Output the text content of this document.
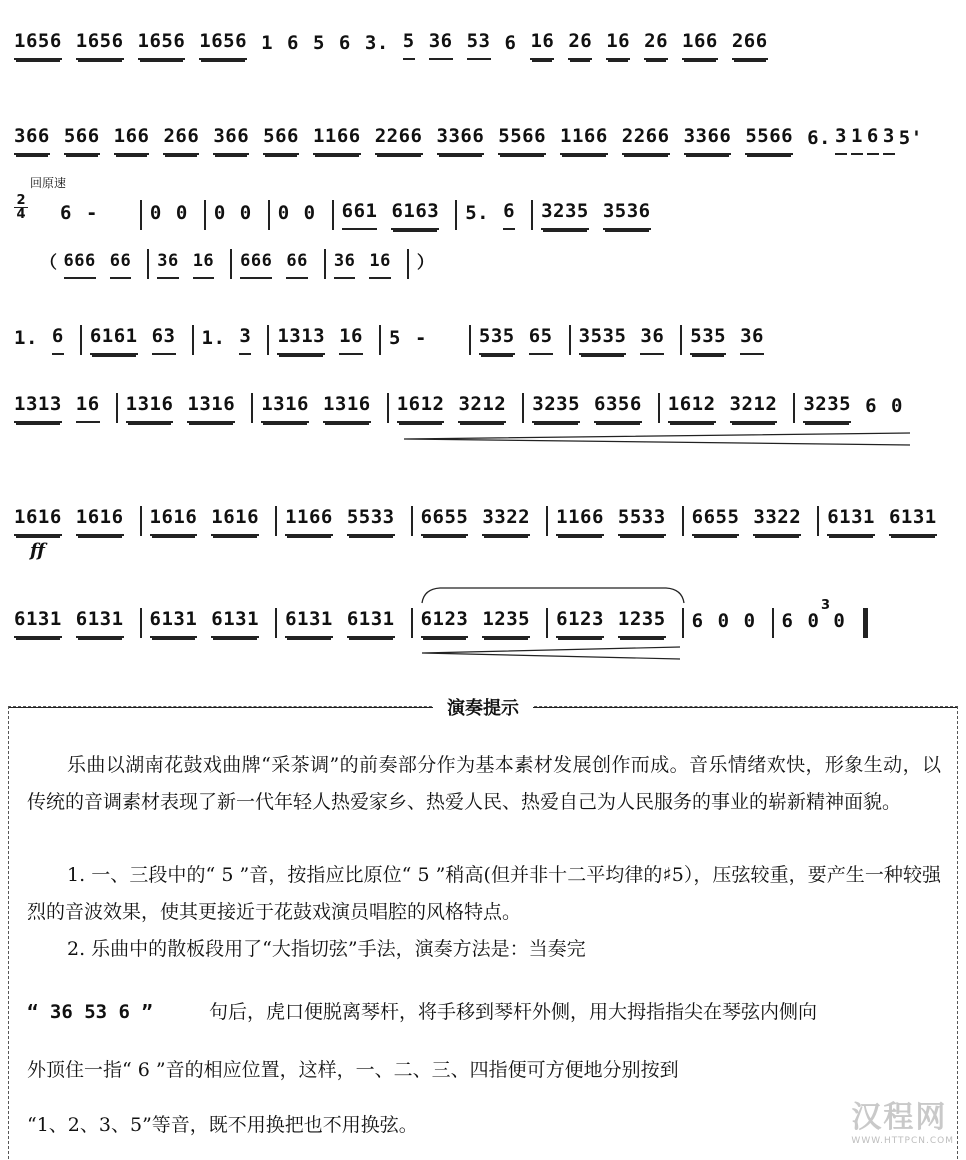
1656 1656 1656 1656 1 6 5 6 3. 5 36 53 6 16 26 16 26 166 266
366 566 166 266 366 566 1166 2266 3366 5566 1166 2266 3366 5566 6. 3 1 6 3 5'
回原速
2
4 6 -	0 0 0 0 0 0 661 6163 5. 6 3235 3536
（ 666 66 36 16 666 66 36 16 ）
1. 6 6161 63 1. 3 1313 16 5 -	535 65 3535 36 535 36
1313 16 1316 1316 1316 1316 1612 3212 3235 6356 1612 3212 3235 6 0
1616 1616 1616 1616 1166 5533 6655 3322 1166 5533 6655 3322 6131 6131
ff
6131 6131 6131 6131 6131 6131 6123 1235 6123 1235 6 0 0 6 0 0
3
演奏提示
乐曲以湖南花鼓戏曲牌“采茶调”的前奏部分作为基本素材发展创作而成。音乐情绪欢快，形象生动，以传统的音调素材表现了新一代年轻人热爱家乡、热爱人民、热爱自己为人民服务的事业的崭新精神面貌。
1. 一、三段中的“ 5 ”音，按指应比原位“ 5 ”稍高(但并非十二平均律的♯5），压弦较重，要产生一种较强烈的音波效果，使其更接近于花鼓戏演员唱腔的风格特点。
2. 乐曲中的散板段用了“大指切弦”手法，演奏方法是：当奏完
“ 36 53 6 ”	句后，虎口便脱离琴杆，将手移到琴杆外侧，用大拇指指尖在琴弦内侧向
外顶住一指“ 6 ”音的相应位置，这样，一、二、三、四指便可方便地分别按到
“1、2、3、5”等音，既不用换把也不用换弦。	汉程网
WWW.HTTPCN.COM
